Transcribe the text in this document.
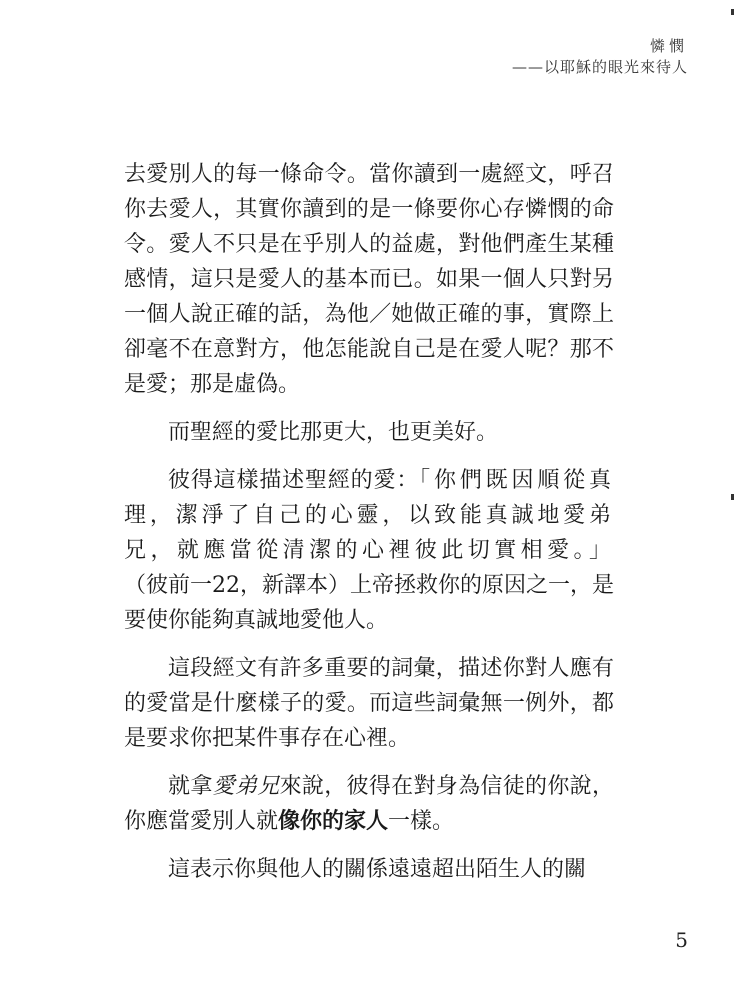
憐憫
——以耶穌的眼光來待人

去愛別人的每一條命令。當你讀到一處經文，呼召你去愛人，其實你讀到的是一條要你心存憐憫的命令。愛人不只是在乎別人的益處，對他們產生某種感情，這只是愛人的基本而已。如果一個人只對另一個人說正確的話，為他／她做正確的事，實際上卻毫不在意對方，他怎能說自己是在愛人呢？那不是愛；那是虛偽。

而聖經的愛比那更大，也更美好。

彼得這樣描述聖經的愛：「你們既因順從真理，潔淨了自己的心靈，以致能真誠地愛弟兄，就應當從清潔的心裡彼此切實相愛。」（彼前一22，新譯本）上帝拯救你的原因之一，是要使你能夠真誠地愛他人。

這段經文有許多重要的詞彙，描述你對人應有的愛當是什麼樣子的愛。而這些詞彙無一例外，都是要求你把某件事存在心裡。

就拿愛弟兄來說，彼得在對身為信徒的你說，你應當愛別人就像你的家人一樣。

這表示你與他人的關係遠遠超出陌生人的關

5
